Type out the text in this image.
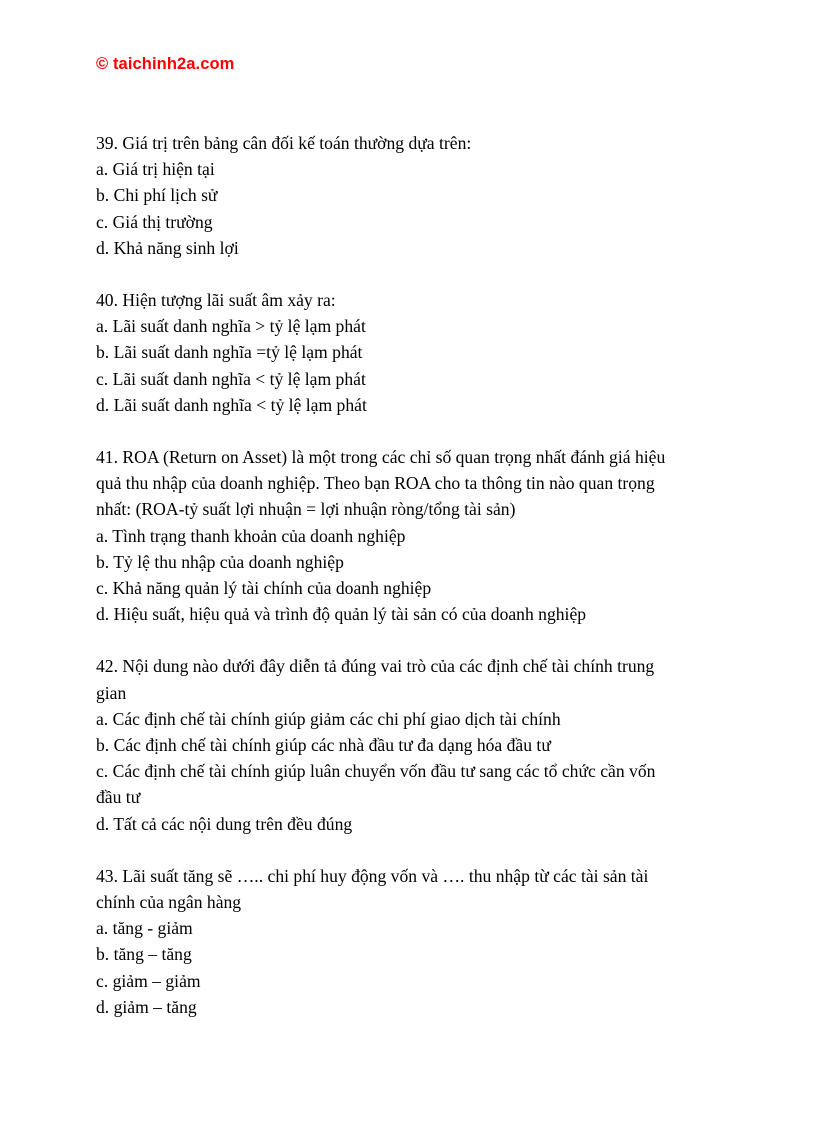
© taichinh2a.com
39. Giá trị trên bảng cân đối kế toán thường dựa trên:
a. Giá trị hiện tại
b. Chi phí lịch sử
c. Giá thị trường
d. Khả năng sinh lợi
40. Hiện tượng lãi suất âm xảy ra:
a. Lãi suất danh nghĩa > tỷ lệ lạm phát
b. Lãi suất danh nghĩa =tỷ lệ lạm phát
c. Lãi suất danh nghĩa < tỷ lệ lạm phát
d. Lãi suất danh nghĩa < tỷ lệ lạm phát
41. ROA (Return on Asset) là một trong các chỉ số quan trọng nhất đánh giá hiệu
quả thu nhập của doanh nghiệp. Theo bạn ROA cho ta thông tin nào quan trọng
nhất: (ROA-tỷ suất lợi nhuận = lợi nhuận ròng/tổng tài sản)
a. Tình trạng thanh khoản của doanh nghiệp
b. Tỷ lệ thu nhập của doanh nghiệp
c. Khả năng quản lý tài chính của doanh nghiệp
d. Hiệu suất, hiệu quả và trình độ quản lý tài sản có của doanh nghiệp
42. Nội dung nào dưới đây diễn tả đúng vai trò của các định chế tài chính trung
gian
a. Các định chế tài chính giúp giảm các chi phí giao dịch tài chính
b. Các định chế tài chính giúp các nhà đầu tư đa dạng hóa đầu tư
c. Các định chế tài chính giúp luân chuyển vốn đầu tư sang các tổ chức cần vốn
đầu tư
d. Tất cả các nội dung trên đều đúng
43. Lãi suất tăng sẽ ….. chi phí huy động vốn và …. thu nhập từ các tài sản tài
chính của ngân hàng
a. tăng - giảm
b. tăng – tăng
c. giảm – giảm
d. giảm – tăng
